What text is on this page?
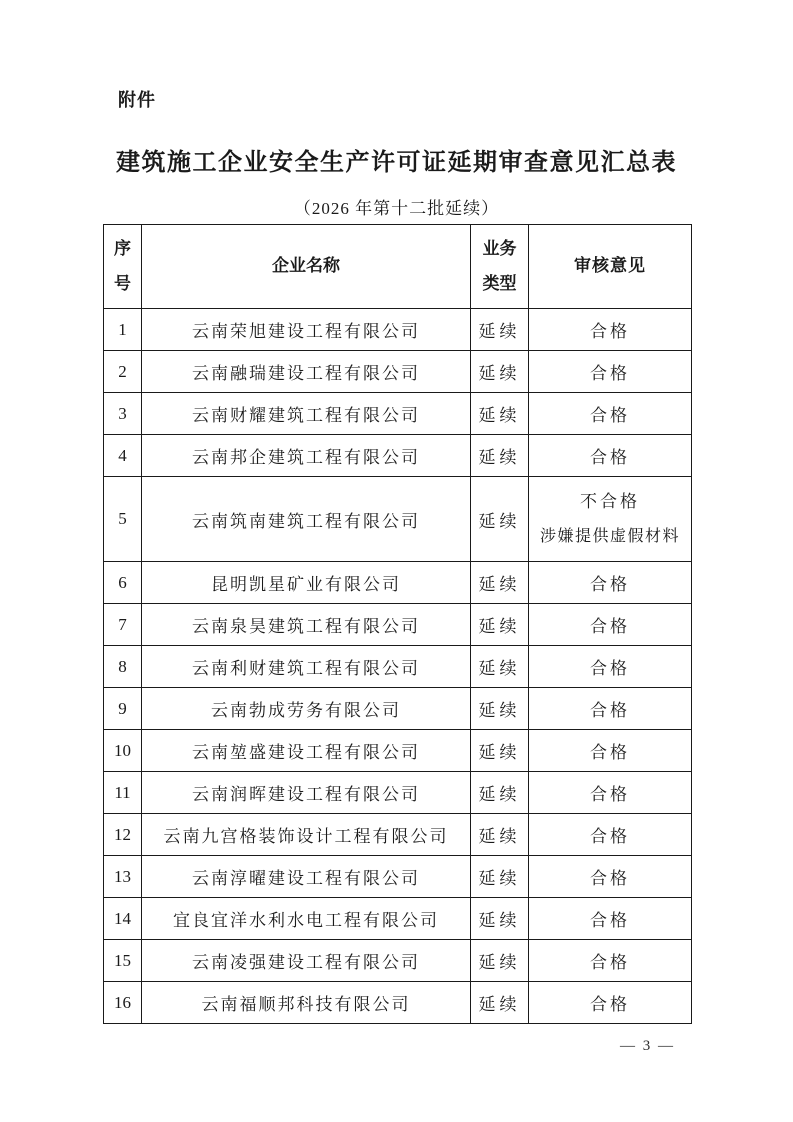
附件
建筑施工企业安全生产许可证延期审查意见汇总表
（2026 年第十二批延续）
序号	企业名称	业务类型	审核意见
1	云南荣旭建设工程有限公司	延续	合格
2	云南融瑞建设工程有限公司	延续	合格
3	云南财耀建筑工程有限公司	延续	合格
4	云南邦企建筑工程有限公司	延续	合格
5	云南筑南建筑工程有限公司	延续	不合格
涉嫌提供虚假材料

6	昆明凯星矿业有限公司	延续	合格
7	云南泉昊建筑工程有限公司	延续	合格
8	云南利财建筑工程有限公司	延续	合格
9	云南勃成劳务有限公司	延续	合格
10	云南堃盛建设工程有限公司	延续	合格
11	云南润晖建设工程有限公司	延续	合格
12	云南九宫格装饰设计工程有限公司	延续	合格
13	云南淳曜建设工程有限公司	延续	合格
14	宜良宜洋水利水电工程有限公司	延续	合格
15	云南凌强建设工程有限公司	延续	合格
16	云南福顺邦科技有限公司	延续	合格
— 3 —
